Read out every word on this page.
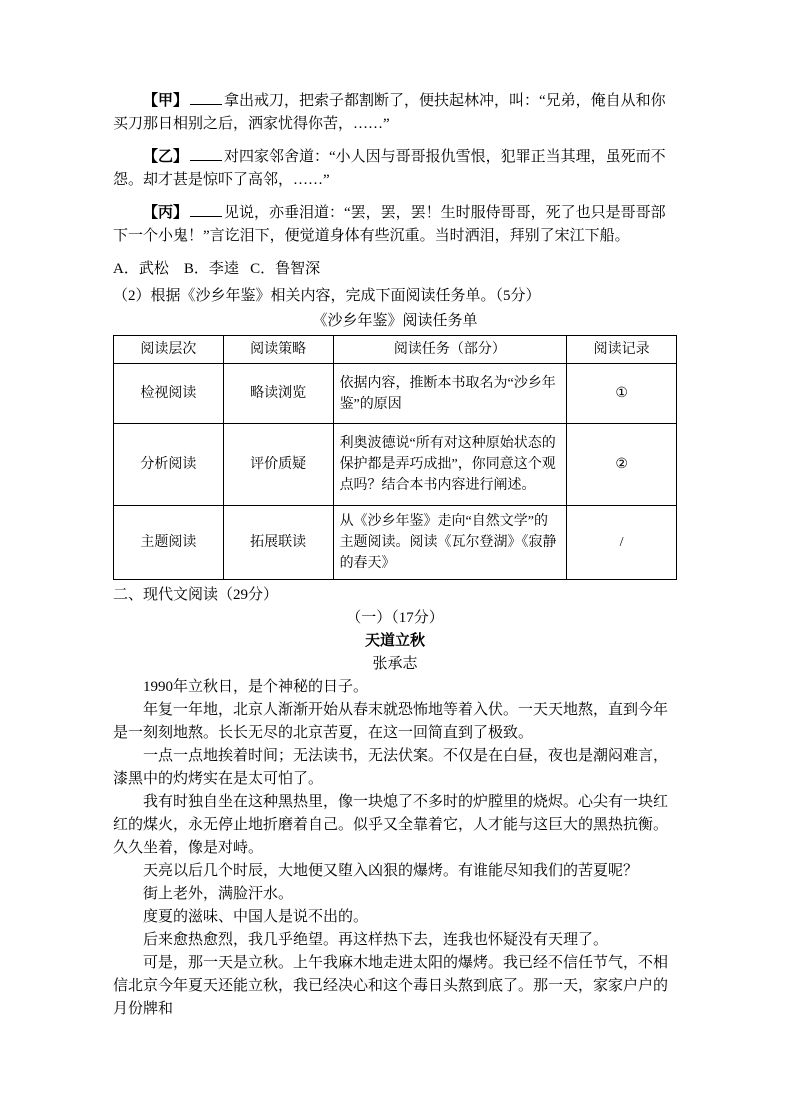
【甲】 拿出戒刀，把索子都割断了，便扶起林冲，叫：“兄弟，俺自从和你买刀那日相别之后，洒家忧得你苦，……”

【乙】 对四家邻舍道：“小人因与哥哥报仇雪恨，犯罪正当其理，虽死而不怨。却才甚是惊吓了高邻，……”

【丙】 见说，亦垂泪道：“罢，罢，罢！生时服侍哥哥，死了也只是哥哥部下一个小鬼！”言讫泪下，便觉道身体有些沉重。当时洒泪，拜别了宋江下船。

A．武松    B．李逵   C．鲁智深

（2）根据《沙乡年鉴》相关内容，完成下面阅读任务单。（5分）

《沙乡年鉴》阅读任务单

阅读层次	阅读策略	阅读任务（部分）	阅读记录
检视阅读	略读浏览	依据内容，推断本书取名为“沙乡年鉴”的原因	①
分析阅读	评价质疑	利奥波德说“所有对这种原始状态的保护都是弄巧成拙”，你同意这个观点吗？结合本书内容进行阐述。	②
主题阅读	拓展联读	从《沙乡年鉴》走向“自然文学”的主题阅读。阅读《瓦尔登湖》《寂静的春天》	/

二、现代文阅读（29分）

（一）（17分）

天道立秋

张承志

1990年立秋日，是个神秘的日子。

年复一年地，北京人渐渐开始从春末就恐怖地等着入伏。一天天地熬，直到今年是一刻刻地熬。长长无尽的北京苦夏，在这一回简直到了极致。

一点一点地挨着时间；无法读书，无法伏案。不仅是在白昼，夜也是潮闷难言，漆黑中的灼烤实在是太可怕了。

我有时独自坐在这种黑热里，像一块熄了不多时的炉膛里的烧烬。心尖有一块红红的煤火，永无停止地折磨着自己。似乎又全靠着它，人才能与这巨大的黑热抗衡。久久坐着，像是对峙。

天亮以后几个时辰，大地便又堕入凶狠的爆烤。有谁能尽知我们的苦夏呢？

街上老外，满脸汗水。

度夏的滋味、中国人是说不出的。

后来愈热愈烈，我几乎绝望。再这样热下去，连我也怀疑没有天理了。

可是，那一天是立秋。上午我麻木地走进太阳的爆烤。我已经不信任节气，不相信北京今年夏天还能立秋，我已经决心和这个毒日头熬到底了。那一天，家家户户的月份牌和
